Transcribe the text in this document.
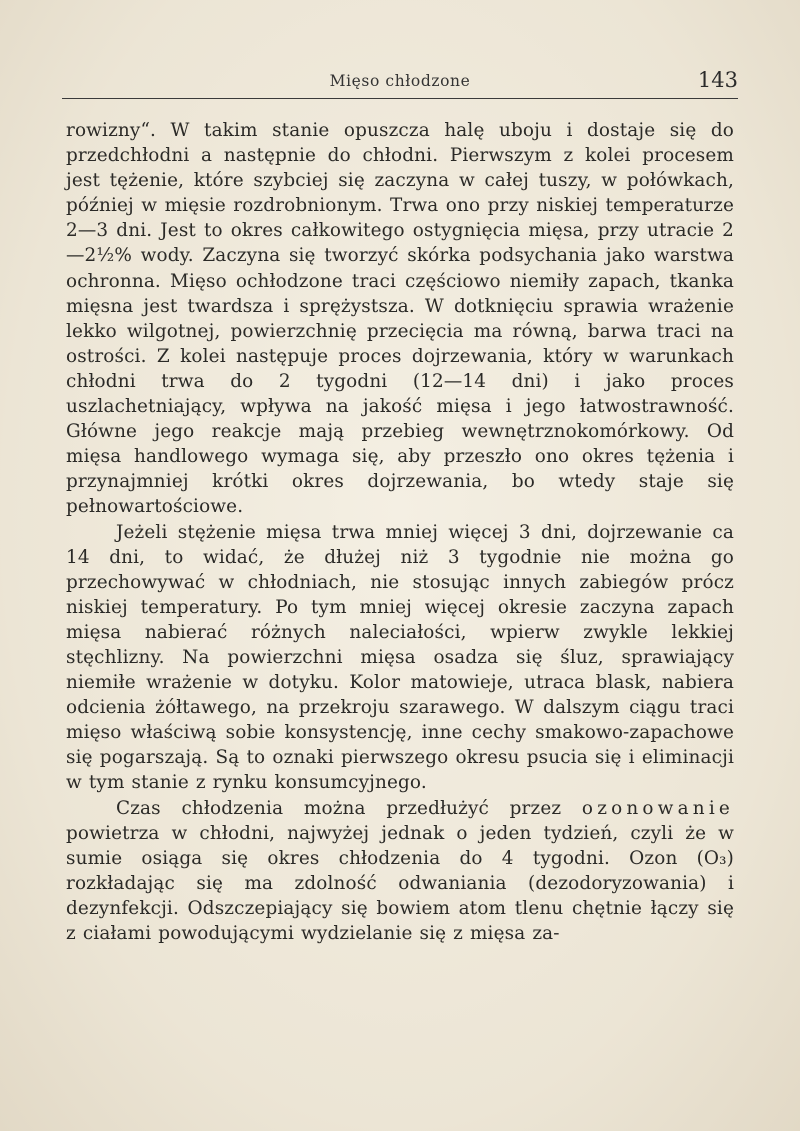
Mięso chłodzone	143

rowizny“. W takim stanie opuszcza halę uboju i dostaje się do przedchłodni a następnie do chłodni. Pierwszym z kolei procesem jest tężenie, które szybciej się zaczyna w całej tuszy, w połówkach, później w mięsie rozdrobnionym. Trwa ono przy niskiej temperaturze 2—3 dni. Jest to okres całkowitego ostygnięcia mięsa, przy utracie 2—2½% wody. Zaczyna się tworzyć skórka podsychania jako warstwa ochronna. Mięso ochłodzone traci częściowo niemiły zapach, tkanka mięsna jest twardsza i sprężystsza. W dotknięciu sprawia wrażenie lekko wilgotnej, powierzchnię przecięcia ma równą, barwa traci na ostrości. Z kolei następuje proces dojrzewania, który w warunkach chłodni trwa do 2 tygodni (12—14 dni) i jako proces uszlachetniający, wpływa na jakość mięsa i jego łatwostrawność. Główne jego reakcje mają przebieg wewnętrznokomórkowy. Od mięsa handlowego wymaga się, aby przeszło ono okres tężenia i przynajmniej krótki okres dojrzewania, bo wtedy staje się pełnowartościowe.

Jeżeli stężenie mięsa trwa mniej więcej 3 dni, dojrzewanie ca 14 dni, to widać, że dłużej niż 3 tygodnie nie można go przechowywać w chłodniach, nie stosując innych zabiegów prócz niskiej temperatury. Po tym mniej więcej okresie zaczyna zapach mięsa nabierać różnych naleciałości, wpierw zwykle lekkiej stęchlizny. Na powierzchni mięsa osadza się śluz, sprawiający niemiłe wrażenie w dotyku. Kolor matowieje, utraca blask, nabiera odcienia żółtawego, na przekroju szarawego. W dalszym ciągu traci mięso właściwą sobie konsystencję, inne cechy smakowo-zapachowe się pogarszają. Są to oznaki pierwszego okresu psucia się i eliminacji w tym stanie z rynku konsumcyjnego.

Czas chłodzenia można przedłużyć przez ozonowanie powietrza w chłodni, najwyżej jednak o jeden tydzień, czyli że w sumie osiąga się okres chłodzenia do 4 tygodni. Ozon (O₃) rozkładając się ma zdolność odwaniania (dezodoryzowania) i dezynfekcji. Odszczepiający się bowiem atom tlenu chętnie łączy się z ciałami powodującymi wydzielanie się z mięsa za-
